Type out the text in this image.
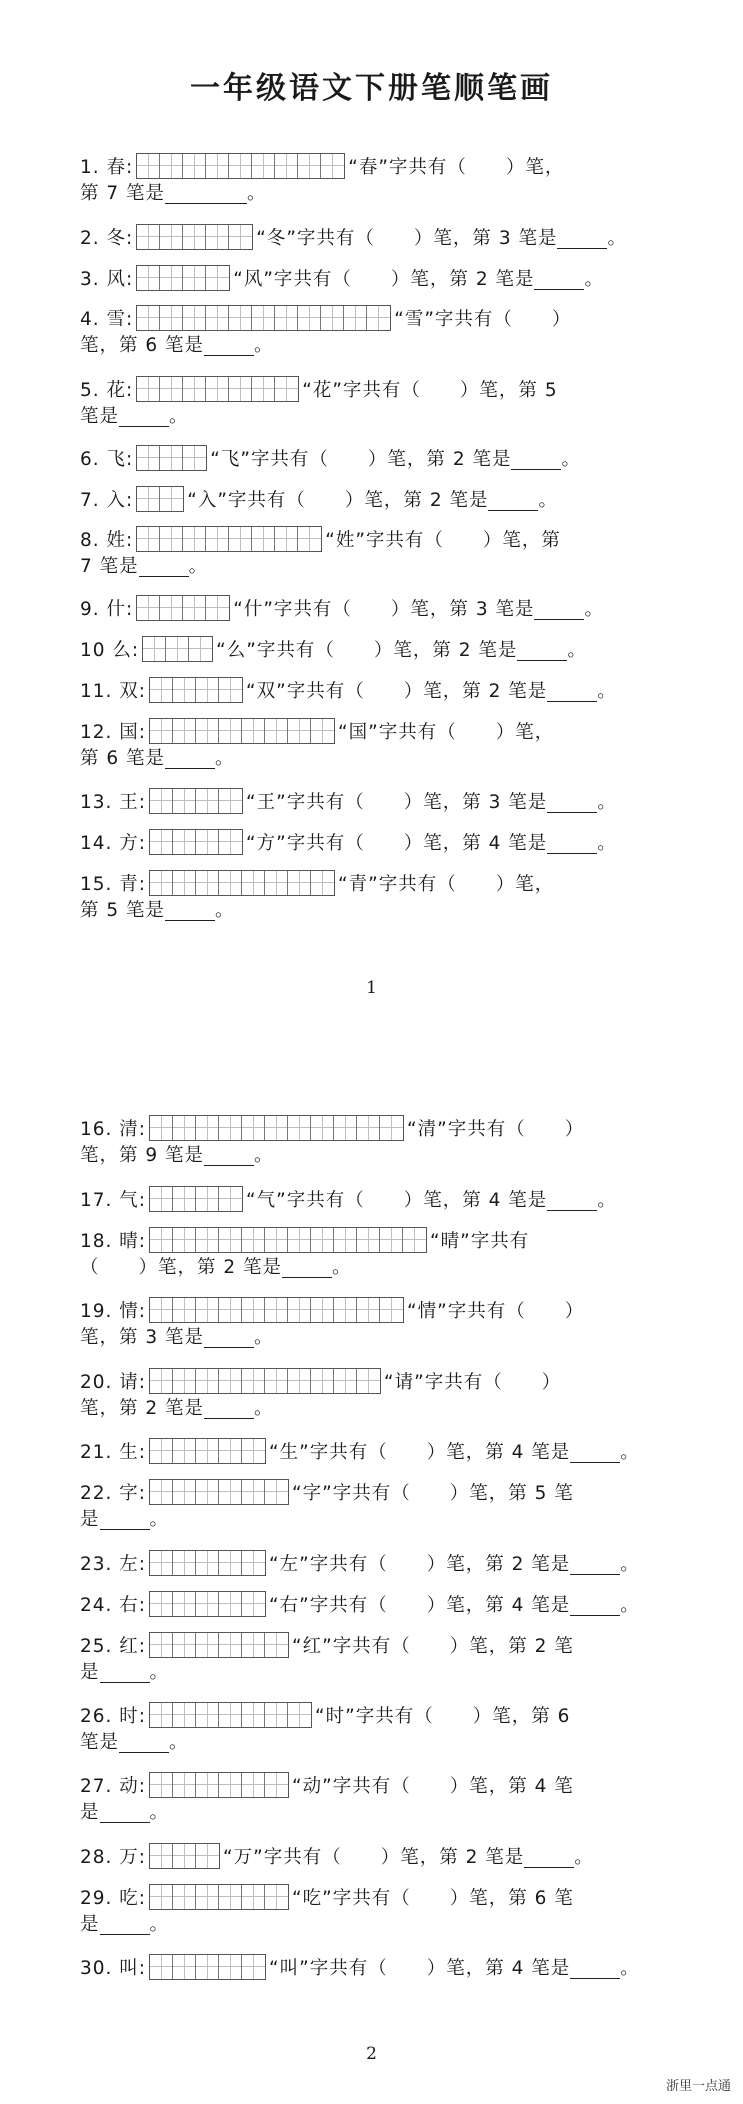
一年级语文下册笔顺笔画
1. 春:	“春”字共有（　　）笔，
第 7 笔是	。
2. 冬:	“冬”字共有（　　）笔，第 3 笔是	。
3. 风:	“风”字共有（　　）笔，第 2 笔是	。
4. 雪:	“雪”字共有（　　）
笔，第 6 笔是	。
5. 花:	“花”字共有（　　）笔，第 5
笔是	。
6. 飞:	“飞”字共有（　　）笔，第 2 笔是	。
7. 入:	“入”字共有（　　）笔，第 2 笔是	。
8. 姓:	“姓”字共有（　　）笔，第
7 笔是	。
9. 什:	“什”字共有（　　）笔，第 3 笔是	。
10 么:	“么”字共有（　　）笔，第 2 笔是	。
11. 双:	“双”字共有（　　）笔，第 2 笔是	。
12. 国:	“国”字共有（　　）笔，
第 6 笔是	。
13. 王:	“王”字共有（　　）笔，第 3 笔是	。
14. 方:	“方”字共有（　　）笔，第 4 笔是	。
15. 青:	“青”字共有（　　）笔，
第 5 笔是	。
16. 清:	“清”字共有（　　）
笔，第 9 笔是	。
17. 气:	“气”字共有（　　）笔，第 4 笔是	。
18. 晴:	“晴”字共有
（　　）笔，第 2 笔是	。
19. 情:	“情”字共有（　　）
笔，第 3 笔是	。
20. 请:	“请”字共有（　　）
笔，第 2 笔是	。
21. 生:	“生”字共有（　　）笔，第 4 笔是	。
22. 字:	“字”字共有（　　）笔，第 5 笔
是	。
23. 左:	“左”字共有（　　）笔，第 2 笔是	。
24. 右:	“右”字共有（　　）笔，第 4 笔是	。
25. 红:	“红”字共有（　　）笔，第 2 笔
是	。
26. 时:	“时”字共有（　　）笔，第 6
笔是	。
27. 动:	“动”字共有（　　）笔，第 4 笔
是	。
28. 万:	“万”字共有（　　）笔，第 2 笔是	。
29. 吃:	“吃”字共有（　　）笔，第 6 笔
是	。
30. 叫:	“叫”字共有（　　）笔，第 4 笔是	。
1
2
浙里一点通
